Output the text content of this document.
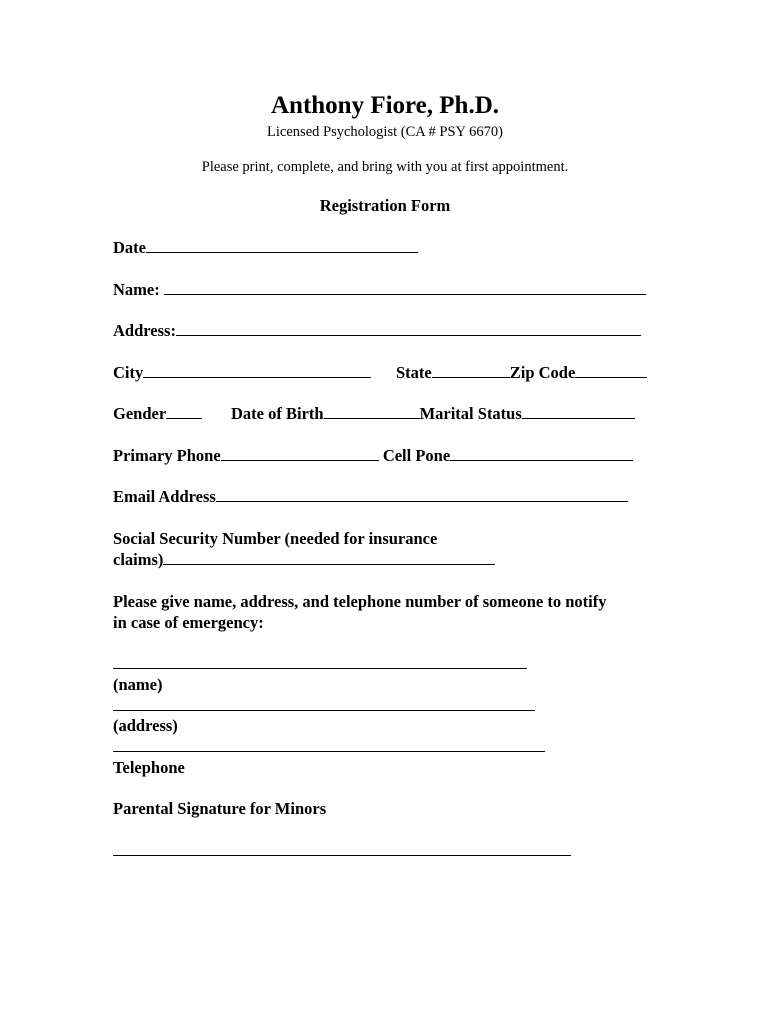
Anthony Fiore, Ph.D.
Licensed Psychologist (CA # PSY 6670)
Please print, complete, and bring with you at first appointment.
Registration Form
Date
Name:
Address:
City	State	Zip Code
Gender	Date of Birth	Marital Status
Primary Phone	Cell Pone
Email Address
Social Security Number (needed for insurance
claims)
Please give name, address, and telephone number of someone to notify
in case of emergency:
(name)
(address)
Telephone
Parental Signature for Minors
